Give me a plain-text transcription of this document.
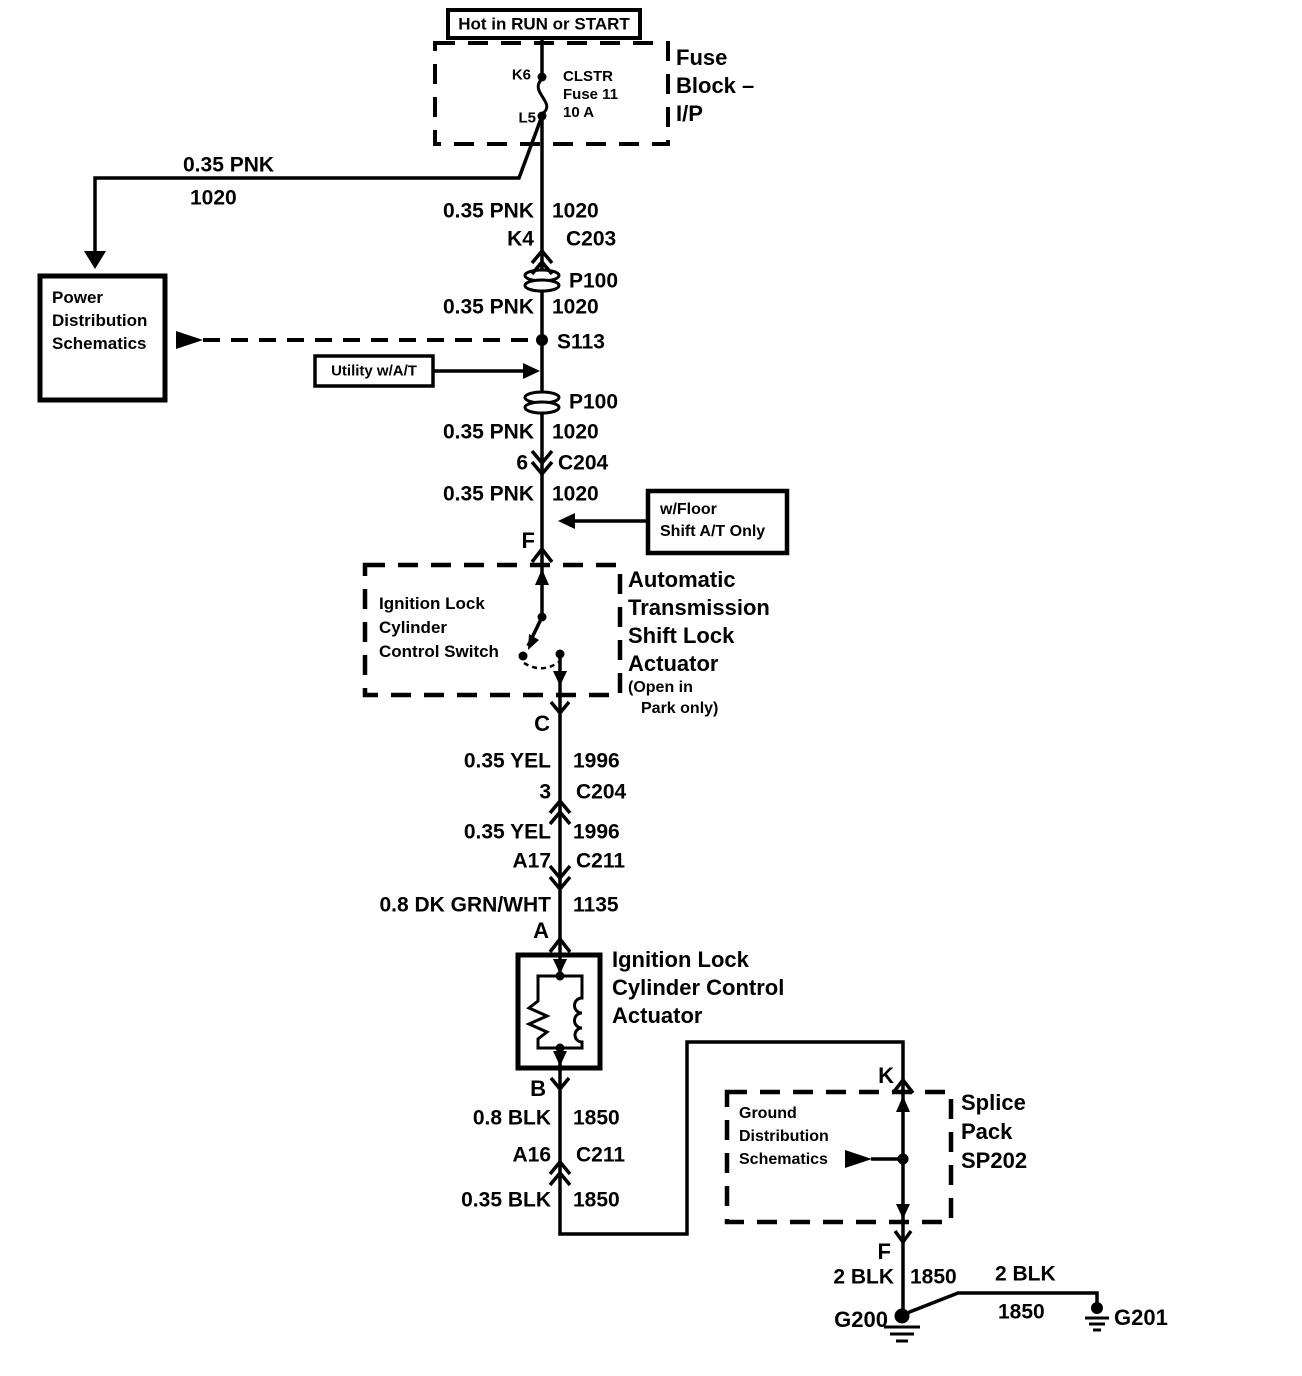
Hot in RUN or START
K6
L5
CLSTR
Fuse 11
10 A
Fuse
Block –
I/P
0.35 PNK
1020
Power
Distribution
Schematics
P100
S113
Utility w/A/T
P100
w/Floor
Shift A/T Only
Ignition Lock
Cylinder
Control Switch
Automatic
Transmission
Shift Lock
Actuator
(Open in
Park only)
Ignition Lock
Cylinder Control
Actuator
Ground
Distribution
Schematics
Splice
Pack
SP202
F
C
A
B
K
F
0.35 PNK 1020
K4 C203
0.35 PNK 1020
0.35 PNK 1020
6 C204
0.35 PNK 1020
0.35 YEL 1996
3 C204
0.35 YEL 1996
A17 C211
0.8 DK GRN/WHT 1135
0.8 BLK 1850
A16 C211
0.35 BLK 1850
2 BLK 1850 2 BLK
1850
G200	G201
